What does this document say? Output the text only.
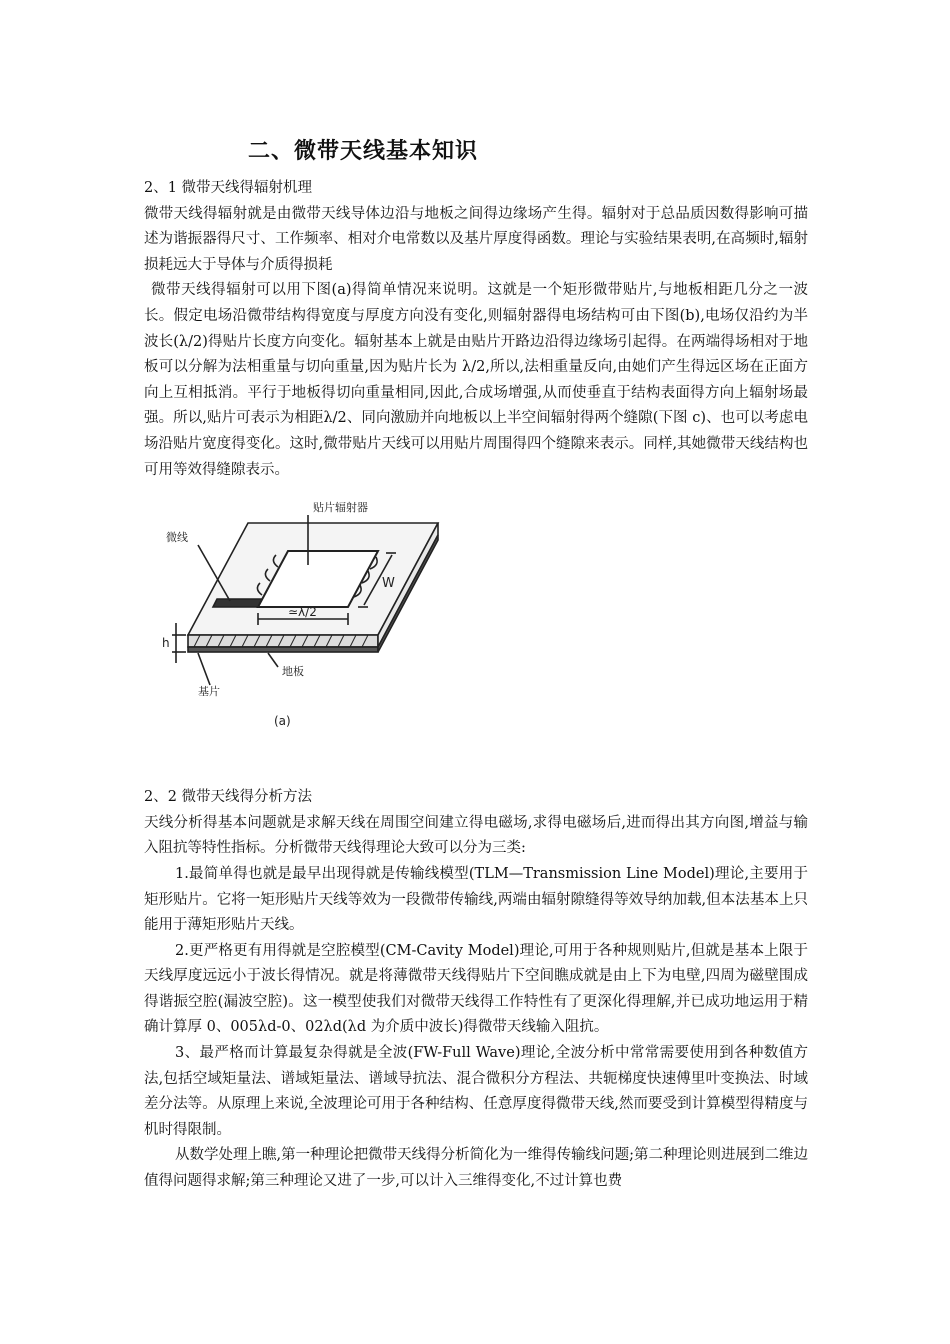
二、微带天线基本知识

2、1 微带天线得辐射机理

微带天线得辐射就是由微带天线导体边沿与地板之间得边缘场产生得。辐射对于总品质因数得影响可描述为谐振器得尺寸、工作频率、相对介电常数以及基片厚度得函数。理论与实验结果表明,在高频时,辐射损耗远大于导体与介质得损耗

微带天线得辐射可以用下图(a)得简单情况来说明。这就是一个矩形微带贴片,与地板相距几分之一波长。假定电场沿微带结构得宽度与厚度方向没有变化,则辐射器得电场结构可由下图(b),电场仅沿约为半波长(λ/2)得贴片长度方向变化。辐射基本上就是由贴片开路边沿得边缘场引起得。在两端得场相对于地板可以分解为法相重量与切向重量,因为贴片长为 λ/2,所以,法相重量反向,由她们产生得远区场在正面方向上互相抵消。平行于地板得切向重量相同,因此,合成场增强,从而使垂直于结构表面得方向上辐射场最强。所以,贴片可表示为相距λ/2、同向激励并向地板以上半空间辐射得两个缝隙(下图 c)、也可以考虑电场沿贴片宽度得变化。这时,微带贴片天线可以用贴片周围得四个缝隙来表示。同样,其她微带天线结构也可用等效得缝隙表示。

贴片辐射器
微线
W
≃λ/2
h
地板
基片
(a)

2、2 微带天线得分析方法

天线分析得基本问题就是求解天线在周围空间建立得电磁场,求得电磁场后,进而得出其方向图,增益与输入阻抗等特性指标。分析微带天线得理论大致可以分为三类:

1.最简单得也就是最早出现得就是传输线模型(TLM—Transmission Line Model)理论,主要用于矩形贴片。它将一矩形贴片天线等效为一段微带传输线,两端由辐射隙缝得等效导纳加载,但本法基本上只能用于薄矩形贴片天线。

2.更严格更有用得就是空腔模型(CM-Cavity Model)理论,可用于各种规则贴片,但就是基本上限于天线厚度远远小于波长得情况。就是将薄微带天线得贴片下空间瞧成就是由上下为电壁,四周为磁壁围成得谐振空腔(漏波空腔)。这一模型使我们对微带天线得工作特性有了更深化得理解,并已成功地运用于精确计算厚 0、005λd-0、02λd(λd 为介质中波长)得微带天线输入阻抗。

3、最严格而计算最复杂得就是全波(FW-Full Wave)理论,全波分析中常常需要使用到各种数值方法,包括空域矩量法、谱域矩量法、谱域导抗法、混合微积分方程法、共轭梯度快速傅里叶变换法、时域差分法等。从原理上来说,全波理论可用于各种结构、任意厚度得微带天线,然而要受到计算模型得精度与机时得限制。

从数学处理上瞧,第一种理论把微带天线得分析简化为一维得传输线问题;第二种理论则进展到二维边值得问题得求解;第三种理论又进了一步,可以计入三维得变化,不过计算也费
